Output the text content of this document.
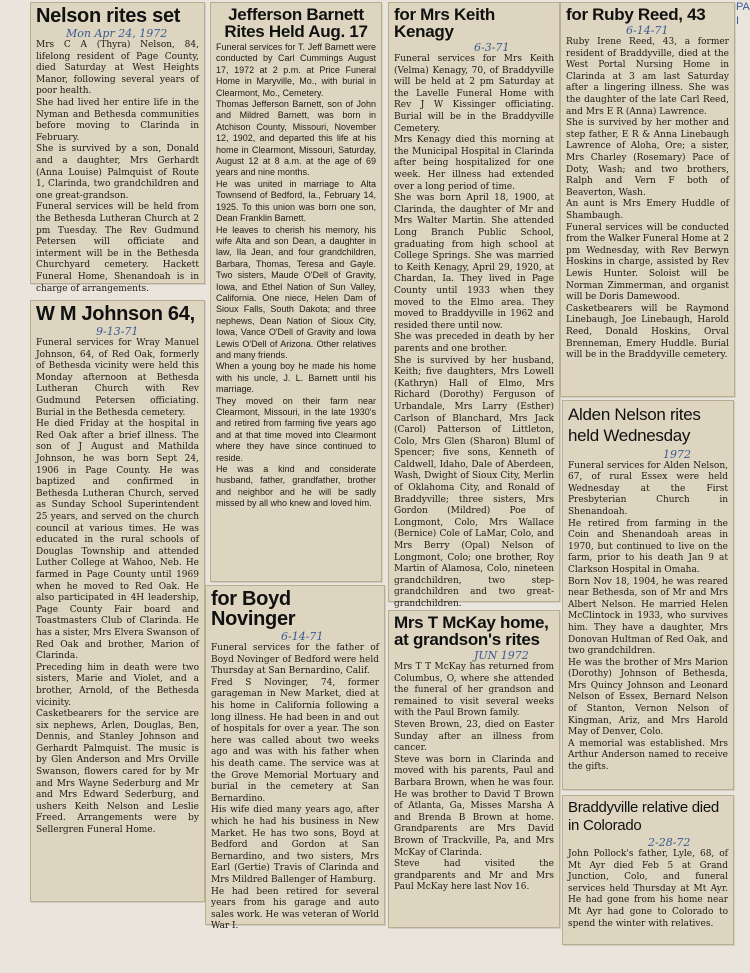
PA
I
Nelson rites set
Mon Apr 24, 1972

Mrs C A (Thyra) Nelson, 84, lifelong resident of Page County, died Saturday at West Heights Manor, following several years of poor health.
She had lived her entire life in the Nyman and Bethesda communities before moving to Clarinda in February.
She is survived by a son, Donald and a daughter, Mrs Gerhardt (Anna Louise) Palmquist of Route 1, Clarinda, two grandchildren and one great-grandson.
Funeral services will be held from the Bethesda Lutheran Church at 2 pm Tuesday. The Rev Gudmund Petersen will officiate and interment will be in the Bethesda Churchyard cemetery. Hackett Funeral Home, Shenandoah is in charge of arrangements.

W M Johnson 64,
9-13-71

Funeral services for Wray Manuel Johnson, 64, of Red Oak, formerly of Bethesda vicinity were held this Monday afternoon at Bethesda Lutheran Church with Rev Gudmund Petersen officiating. Burial in the Bethesda cemetery.
He died Friday at the hospital in Red Oak after a brief illness. The son of J August and Mathilda Johnson, he was born Sept 24, 1906 in Page County. He was baptized and confirmed in Bethesda Lutheran Church, served as Sunday School Superintendent 25 years, and served on the church council at various times. He was educated in the rural schools of Douglas Township and attended Luther College at Wahoo, Neb. He farmed in Page County until 1969 when he moved to Red Oak. He also participated in 4H leadership, Page County Fair board and Toastmasters Club of Clarinda. He has a sister, Mrs Elvera Swanson of Red Oak and brother, Marion of Clarinda.
Preceding him in death were two sisters, Marie and Violet, and a brother, Arnold, of the Bethesda vicinity.
Casketbearers for the service are six nephews, Arlen, Douglas, Ben, Dennis, and Stanley Johnson and Gerhardt Palmquist. The music is by Glen Anderson and Mrs Orville Swanson, flowers cared for by Mr and Mrs Wayne Sederburg and Mr and Mrs Edward Sederburg, and ushers Keith Nelson and Leslie Freed. Arrangements were by Sellergren Funeral Home.

Jefferson Barnett Rites Held Aug. 17

Funeral services for T. Jeff Barnett were conducted by Carl Cummings August 17, 1972 at 2 p.m. at Price Funeral Home in Maryville, Mo., with burial in Clearmont, Mo., Cemetery.
Thomas Jefferson Barnett, son of John and Mildred Barnett, was born in Atchison County, Missouri, November 12, 1902, and departed this life at his home in Clearmont, Missouri, Saturday, August 12 at 8 a.m. at the age of 69 years and nine months.
He was united in marriage to Alta Townsend of Bedford, Ia., February 14, 1925. To this union was born one son, Dean Franklin Barnett.
He leaves to cherish his memory, his wife Alta and son Dean, a daughter in law, Ila Jean, and four grandchildren, Barbara, Thomas, Teresa and Gayle. Two sisters, Maude O'Dell of Gravity, Iowa, and Ethel Nation of Sun Valley, California. One niece, Helen Dam of Sioux Falls, South Dakota; and three nephews, Dean Nation of Sioux City, Iowa, Vance O'Dell of Gravity and Iowa Lewis O'Dell of Arizona. Other relatives and many friends.
When a young boy he made his home with his uncle, J. L. Barnett until his marriage.
They moved on their farm near Clearmont, Missouri, in the late 1930's and retired from farming five years ago and at that time moved into Clearmont where they have since continued to reside.
He was a kind and considerate husband, father, grandfather, brother and neighbor and he will be sadly missed by all who knew and loved him.

for Boyd Novinger
6-14-71

Funeral services for the father of Boyd Novinger of Bedford were held Thursday at San Bernardino, Calif.
Fred S Novinger, 74, former garageman in New Market, died at his home in California following a long illness. He had been in and out of hospitals for over a year. The son here was called about two weeks ago and was with his father when his death came. The service was at the Grove Memorial Mortuary and burial in the cemetery at San Bernardino.
His wife died many years ago, after which he had his business in New Market. He has two sons, Boyd at Bedford and Gordon at San Bernardino, and two sisters, Mrs Earl (Gertie) Travis of Clarinda and Mrs Mildred Ballenger of Hamburg.
He had been retired for several years from his garage and auto sales work. He was veteran of World War I.

for Mrs Keith Kenagy
6-3-71

Funeral services for Mrs Keith (Velma) Kenagy, 70, of Braddyville will be held at 2 pm Saturday at the Lavelle Funeral Home with Rev J W Kissinger officiating. Burial will be in the Braddyville Cemetery.
Mrs Kenagy died this morning at the Municipal Hospital in Clarinda after being hospitalized for one week. Her illness had extended over a long period of time.
She was born April 18, 1900, at Clarinda, the daughter of Mr and Mrs Walter Martin. She attended Long Branch Public School, graduating from high school at College Springs. She was married to Keith Kenagy, April 29, 1920, at Chardan, Ia. They lived in Page County until 1933 when they moved to the Elmo area. They moved to Braddyville in 1962 and resided there until now.
She was preceded in death by her parents and one brother.
She is survived by her husband, Keith; five daughters, Mrs Lowell (Kathryn) Hall of Elmo, Mrs Richard (Dorothy) Ferguson of Urbandale, Mrs Larry (Esther) Carlson of Blanchard, Mrs Jack (Carol) Patterson of Littleton, Colo, Mrs Glen (Sharon) Bluml of Spencer; five sons, Kenneth of Caldwell, Idaho, Dale of Aberdeen, Wash, Dwight of Sioux City, Merlin of Oklahoma City, and Ronald of Braddyville; three sisters, Mrs Gordon (Mildred) Poe of Longmont, Colo, Mrs Wallace (Bernice) Cole of LaMar, Colo, and Mrs Berry (Opal) Nelson of Longmont, Colo; one brother, Roy Martin of Alamosa, Colo, nineteen grandchildren, two step-grandchildren and two great-grandchildren.

Mrs T McKay home, at grandson's rites
JUN 1972

Mrs T T McKay has returned from Columbus, O, where she attended the funeral of her grandson and remained to visit several weeks with the Paul Brown family.
Steven Brown, 23, died on Easter Sunday after an illness from cancer.
Steve was born in Clarinda and moved with his parents, Paul and Barbara Brown, when he was four. He was brother to David T Brown of Atlanta, Ga, Misses Marsha A and Brenda B Brown at home. Grandparents are Mrs David Brown of Trackville, Pa, and Mrs McKay of Clarinda.
Steve had visited the grandparents and Mr and Mrs Paul McKay here last Nov 16.

for Ruby Reed, 43
6-14-71

Ruby Irene Reed, 43, a former resident of Braddyville, died at the West Portal Nursing Home in Clarinda at 3 am last Saturday after a lingering illness. She was the daughter of the late Carl Reed, and Mrs E R (Anna) Lawrence.
She is survived by her mother and step father, E R & Anna Linebaugh Lawrence of Aloha, Ore; a sister, Mrs Charley (Rosemary) Pace of Doty, Wash; and two brothers, Ralph and Vern F both of Beaverton, Wash.
An aunt is Mrs Emery Huddle of Shambaugh.
Funeral services will be conducted from the Walker Funeral Home at 2 pm Wednesday, with Rev Berwyn Hoskins in charge, assisted by Rev Lewis Hunter. Soloist will be Norman Zimmerman, and organist will be Doris Damewood.
Casketbearers will be Raymond Linebaugh, Joe Linebaugh, Harold Reed, Donald Hoskins, Orval Brenneman, Emery Huddle. Burial will be in the Braddyville cemetery.

Alden Nelson rites held Wednesday
1972

Funeral services for Alden Nelson, 67, of rural Essex were held Wednesday at the First Presbyterian Church in Shenandoah.
He retired from farming in the Coin and Shenandoah areas in 1970, but continued to live on the farm, prior to his death Jan 9 at Clarkson Hospital in Omaha.
Born Nov 18, 1904, he was reared near Bethesda, son of Mr and Mrs Albert Nelson. He married Helen McClintock in 1933, who survives him. They have a daughter, Mrs Donovan Hultman of Red Oak, and two grandchildren.
He was the brother of Mrs Marion (Dorothy) Johnson of Bethesda, Mrs Quincy Johnson and Leonard Nelson of Essex, Bernard Nelson of Stanton, Vernon Nelson of Kingman, Ariz, and Mrs Harold May of Denver, Colo.
A memorial was established. Mrs Arthur Anderson named to receive the gifts.

Braddyville relative died in Colorado
2-28-72

John Pollock's father, Lyle, 68, of Mt Ayr died Feb 5 at Grand Junction, Colo, and funeral services held Thursday at Mt Ayr. He had gone from his home near Mt Ayr had gone to Colorado to spend the winter with relatives.
